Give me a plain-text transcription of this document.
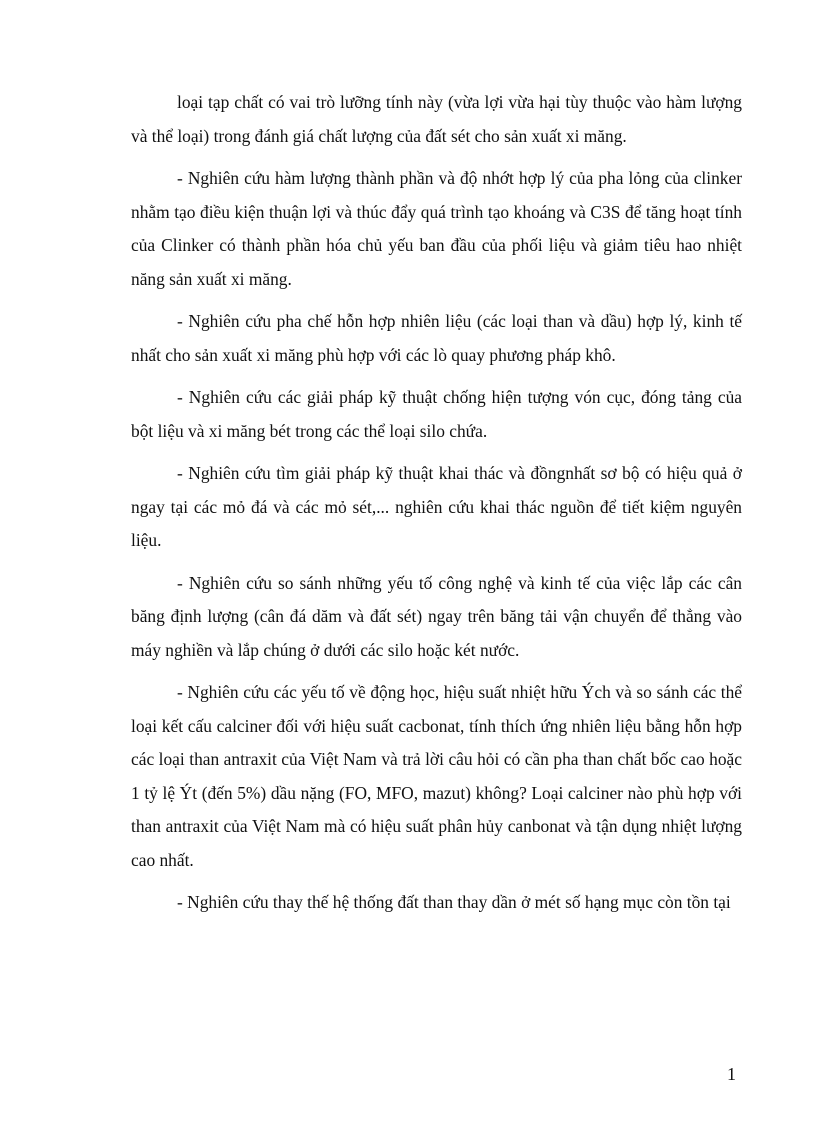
loại tạp chất có vai trò lưỡng tính này (vừa lợi vừa hại tùy thuộc vào hàm lượng và thể loại) trong đánh giá chất lượng của đất sét cho sản xuất xi măng.

- Nghiên cứu hàm lượng thành phần và độ nhớt hợp lý của pha lỏng của clinker nhằm tạo điều kiện thuận lợi và thúc đẩy quá trình tạo khoáng và C3S để tăng hoạt tính của Clinker có thành phần hóa chủ yếu ban đầu của phối liệu và giảm tiêu hao nhiệt năng sản xuất xi măng.

- Nghiên cứu pha chế hỗn hợp nhiên liệu (các loại than và dầu) hợp lý, kinh tế nhất cho sản xuất xi măng phù hợp với các lò quay phương pháp khô.

- Nghiên cứu các giải pháp kỹ thuật chống hiện tượng vón cục, đóng tảng của bột liệu và xi măng bét trong các thể loại silo chứa.

- Nghiên cứu tìm giải pháp kỹ thuật khai thác và đồngnhất sơ bộ có hiệu quả ở ngay tại các mỏ đá và các mỏ sét,... nghiên cứu khai thác nguồn để tiết kiệm nguyên liệu.

- Nghiên cứu so sánh những yếu tố công nghệ và kinh tế của việc lắp các cân băng định lượng (cân đá dăm và đất sét) ngay trên băng tải vận chuyển để thẳng vào máy nghiền và lắp chúng ở dưới các silo hoặc két nước.

- Nghiên cứu các yếu tố về động học, hiệu suất nhiệt hữu Ých và so sánh các thể loại kết cấu calciner đối với hiệu suất cacbonat, tính thích ứng nhiên liệu bằng hỗn hợp các loại than antraxit của Việt Nam và trả lời câu hỏi có cần pha than chất bốc cao hoặc 1 tỷ lệ Ýt (đến 5%) dầu nặng (FO, MFO, mazut) không? Loại calciner nào phù hợp với than antraxit của Việt Nam mà có hiệu suất phân hủy canbonat và tận dụng nhiệt lượng cao nhất.

- Nghiên cứu thay thế hệ thống đất than thay dần ở mét số hạng mục còn tồn tại

1
